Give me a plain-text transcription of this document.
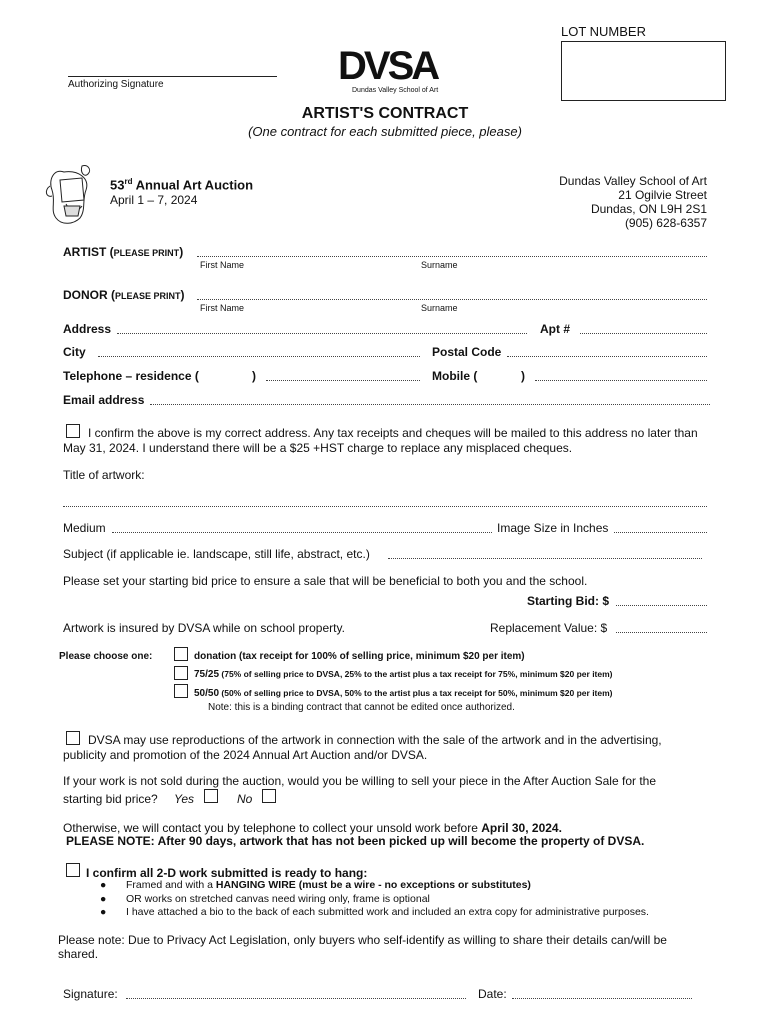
LOT NUMBER
Authorizing Signature	DVSA
Dundas Valley School of Art
ARTIST'S CONTRACT
(One contract for each submitted piece, please)
53rd Annual Art Auction
April 1 – 7, 2024
Dundas Valley School of Art
21 Ogilvie Street
Dundas, ON L9H 2S1
(905) 628-6357
ARTIST (PLEASE PRINT)
First Name	Surname
DONOR (PLEASE PRINT)
First Name	Surname
Address	Apt #
City	Postal Code
Telephone – residence (	)	Mobile (	)
Email address
I confirm the above is my correct address. Any tax receipts and cheques will be mailed to this address no later than May 31, 2024. I understand there will be a $25 +HST charge to replace any misplaced cheques.
Title of artwork:
Medium	Image Size in Inches
Subject (if applicable ie. landscape, still life, abstract, etc.)
Please set your starting bid price to ensure a sale that will be beneficial to both you and the school.
Starting Bid: $
Artwork is insured by DVSA while on school property.	Replacement Value: $
Please choose one:	donation (tax receipt for 100% of selling price, minimum $20 per item)
75/25 (75% of selling price to DVSA, 25% to the artist plus a tax receipt for 75%, minimum $20 per item)
50/50 (50% of selling price to DVSA, 50% to the artist plus a tax receipt for 50%, minimum $20 per item)
Note: this is a binding contract that cannot be edited once authorized.
DVSA may use reproductions of the artwork in connection with the sale of the artwork and in the advertising, publicity and promotion of the 2024 Annual Art Auction and/or DVSA.
If your work is not sold during the auction, would you be willing to sell your piece in the After Auction Sale for the
starting bid price? Yes	No
Otherwise, we will contact you by telephone to collect your unsold work before April 30, 2024.
PLEASE NOTE: After 90 days, artwork that has not been picked up will become the property of DVSA.
I confirm all 2-D work submitted is ready to hang:
● Framed and with a HANGING WIRE (must be a wire - no exceptions or substitutes)
● OR works on stretched canvas need wiring only, frame is optional
● I have attached a bio to the back of each submitted work and included an extra copy for administrative purposes.
Please note: Due to Privacy Act Legislation, only buyers who self-identify as willing to share their details can/will be shared.
Signature:	Date:
